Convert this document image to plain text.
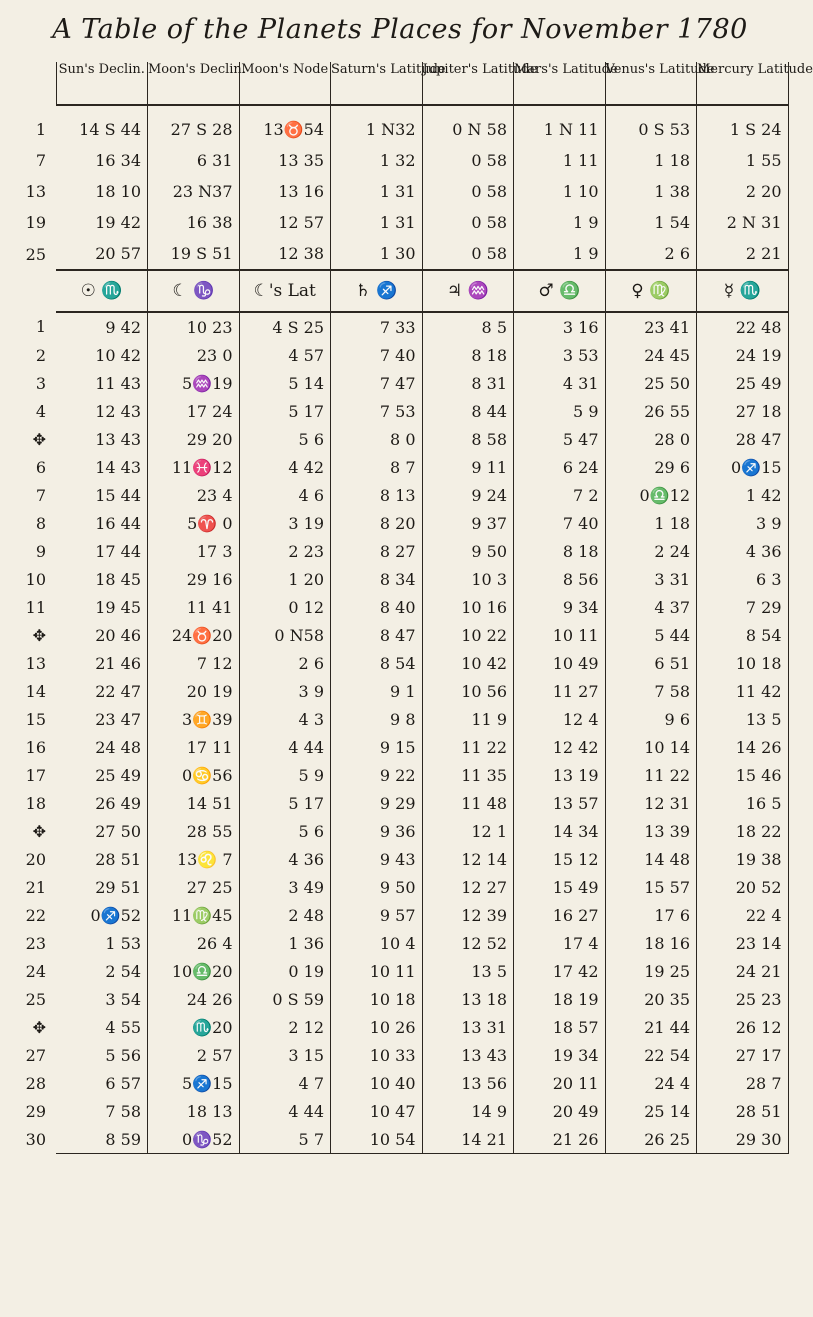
A Table of the Planets Places for November 1780
	Sun's Declin.	Moon's Declin.	Moon's Node	Saturn's Latitude	Jupiter's Latitude	Mars's Latitude	Venus's Latitude	Mercury Latitude
1	14 S 44	27 S 28	13♉54	1 N32	0 N 58	1 N 11	0 S 53	1 S 24
7	16 34	6 31	13 35	1 32	0 58	1 11	1 18	1 55
13	18 10	23 N37	13 16	1 31	0 58	1 10	1 38	2 20
19	19 42	16 38	12 57	1 31	0 58	1 9	1 54	2 N 31
25	20 57	19 S 51	12 38	1 30	0 58	1 9	2 6	2 21
	☉ ♏	☾ ♑	☾'s Lat	♄ ♐	♃ ♒	♂ ♎	♀ ♍	☿ ♏
1	9 42	10 23	4 S 25	7 33	8 5	3 16	23 41	22 48
2	10 42	23 0	4 57	7 40	8 18	3 53	24 45	24 19
3	11 43	5♒19	5 14	7 47	8 31	4 31	25 50	25 49
4	12 43	17 24	5 17	7 53	8 44	5 9	26 55	27 18
✥	13 43	29 20	5 6	8 0	8 58	5 47	28 0	28 47
6	14 43	11♓12	4 42	8 7	9 11	6 24	29 6	0♐15
7	15 44	23 4	4 6	8 13	9 24	7 2	0♎12	1 42
8	16 44	5♈ 0	3 19	8 20	9 37	7 40	1 18	3 9
9	17 44	17 3	2 23	8 27	9 50	8 18	2 24	4 36
10	18 45	29 16	1 20	8 34	10 3	8 56	3 31	6 3
11	19 45	11 41	0 12	8 40	10 16	9 34	4 37	7 29
✥	20 46	24♉20	0 N58	8 47	10 22	10 11	5 44	8 54
13	21 46	7 12	2 6	8 54	10 42	10 49	6 51	10 18
14	22 47	20 19	3 9	9 1	10 56	11 27	7 58	11 42
15	23 47	3♊39	4 3	9 8	11 9	12 4	9 6	13 5
16	24 48	17 11	4 44	9 15	11 22	12 42	10 14	14 26
17	25 49	0♋56	5 9	9 22	11 35	13 19	11 22	15 46
18	26 49	14 51	5 17	9 29	11 48	13 57	12 31	16 5
✥	27 50	28 55	5 6	9 36	12 1	14 34	13 39	18 22
20	28 51	13♌ 7	4 36	9 43	12 14	15 12	14 48	19 38
21	29 51	27 25	3 49	9 50	12 27	15 49	15 57	20 52
22	0♐52	11♍45	2 48	9 57	12 39	16 27	17 6	22 4
23	1 53	26 4	1 36	10 4	12 52	17 4	18 16	23 14
24	2 54	10♎20	0 19	10 11	13 5	17 42	19 25	24 21
25	3 54	24 26	0 S 59	10 18	13 18	18 19	20 35	25 23
✥	4 55	♏20	2 12	10 26	13 31	18 57	21 44	26 12
27	5 56	2 57	3 15	10 33	13 43	19 34	22 54	27 17
28	6 57	5♐15	4 7	10 40	13 56	20 11	24 4	28 7
29	7 58	18 13	4 44	10 47	14 9	20 49	25 14	28 51
30	8 59	0♑52	5 7	10 54	14 21	21 26	26 25	29 30
